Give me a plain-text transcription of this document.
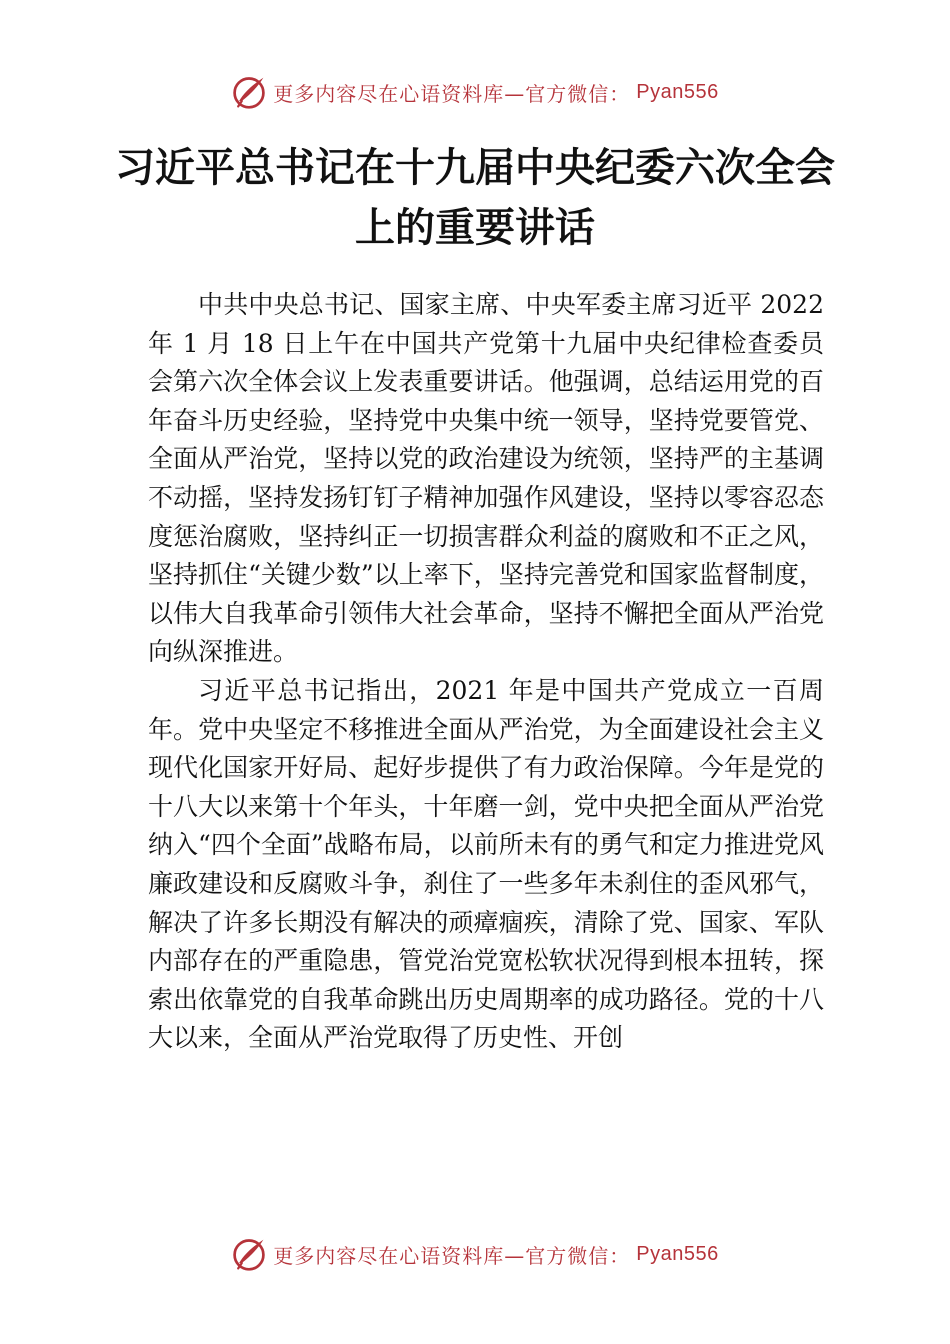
更多内容尽在心语资料库—官方微信： Pyan556
习近平总书记在十九届中央纪委六次全会上的重要讲话

中共中央总书记、国家主席、中央军委主席习近平 2022 年 1 月 18 日上午在中国共产党第十九届中央纪律检查委员会第六次全体会议上发表重要讲话。他强调，总结运用党的百年奋斗历史经验，坚持党中央集中统一领导，坚持党要管党、全面从严治党，坚持以党的政治建设为统领，坚持严的主基调不动摇，坚持发扬钉钉子精神加强作风建设，坚持以零容忍态度惩治腐败，坚持纠正一切损害群众利益的腐败和不正之风，坚持抓住“关键少数”以上率下，坚持完善党和国家监督制度，以伟大自我革命引领伟大社会革命，坚持不懈把全面从严治党向纵深推进。

习近平总书记指出，2021 年是中国共产党成立一百周年。党中央坚定不移推进全面从严治党，为全面建设社会主义现代化国家开好局、起好步提供了有力政治保障。今年是党的十八大以来第十个年头，十年磨一剑，党中央把全面从严治党纳入“四个全面”战略布局，以前所未有的勇气和定力推进党风廉政建设和反腐败斗争，刹住了一些多年未刹住的歪风邪气，解决了许多长期没有解决的顽瘴痼疾，清除了党、国家、军队内部存在的严重隐患，管党治党宽松软状况得到根本扭转，探索出依靠党的自我革命跳出历史周期率的成功路径。党的十八大以来，全面从严治党取得了历史性、开创

更多内容尽在心语资料库—官方微信： Pyan556
